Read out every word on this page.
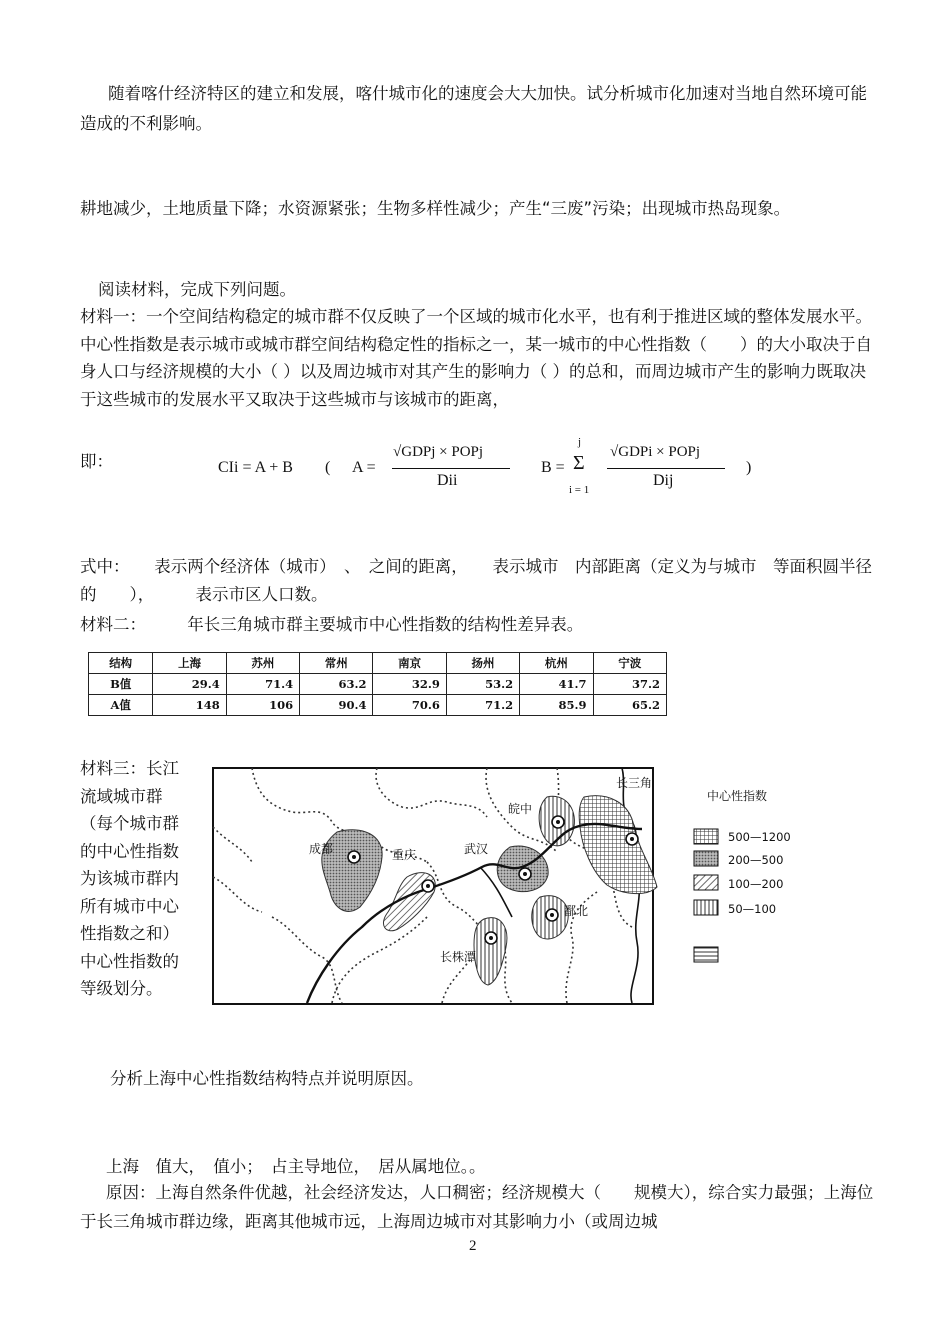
随着喀什经济特区的建立和发展，喀什城市化的速度会大大加快。试分析城市化加速对当地自然环境可能造成的不利影响。
耕地减少，土地质量下降；水资源紧张；生物多样性减少；产生“三废”污染；出现城市热岛现象。
阅读材料，完成下列问题。
材料一：一个空间结构稳定的城市群不仅反映了一个区域的城市化水平，也有利于推进区域的整体发展水平。中心性指数是表示城市或城市群空间结构稳定性的指标之一，某一城市的中心性指数（　　）的大小取决于自身人口与经济规模的大小（ ）以及周边城市对其产生的影响力（ ）的总和，而周边城市产生的影响力既取决于这些城市的发展水平又取决于这些城市与该城市的距离，
即：	CIi = A + B ( A =
√GDPj × POPj
Dii
B =
j
Σ
i = 1
√GDPi × POPj
Dij
)
式中：　　表示两个经济体（城市）　、　之间的距离，　　表示城市　内部距离（定义为与城市　等面积圆半径的　　），　　　表示市区人口数。
材料二：　　　年长三角城市群主要城市中心性指数的结构性差异表。
结构	上海	苏州	常州	南京	扬州	杭州	宁波
B值	29.4	71.4	63.2	32.9	53.2	41.7	37.2
A值	148	106	90.4	70.6	71.2	85.9	65.2
材料三：长江流域城市群（每个城市群的中心性指数为该城市群内所有城市中心性指数之和）中心性指数的等级划分。
成都	重庆	武汉
皖中
长三角
鄱北
长株潭
中心性指数
500—1200
200—500
100—200
50—100
分析上海中心性指数结构特点并说明原因。
上海　值大，　值小；　占主导地位，　居从属地位。。
原因：上海自然条件优越，社会经济发达，人口稠密；经济规模大（　　规模大），综合实力最强；上海位于长三角城市群边缘，距离其他城市远，上海周边城市对其影响力小（或周边城
2
